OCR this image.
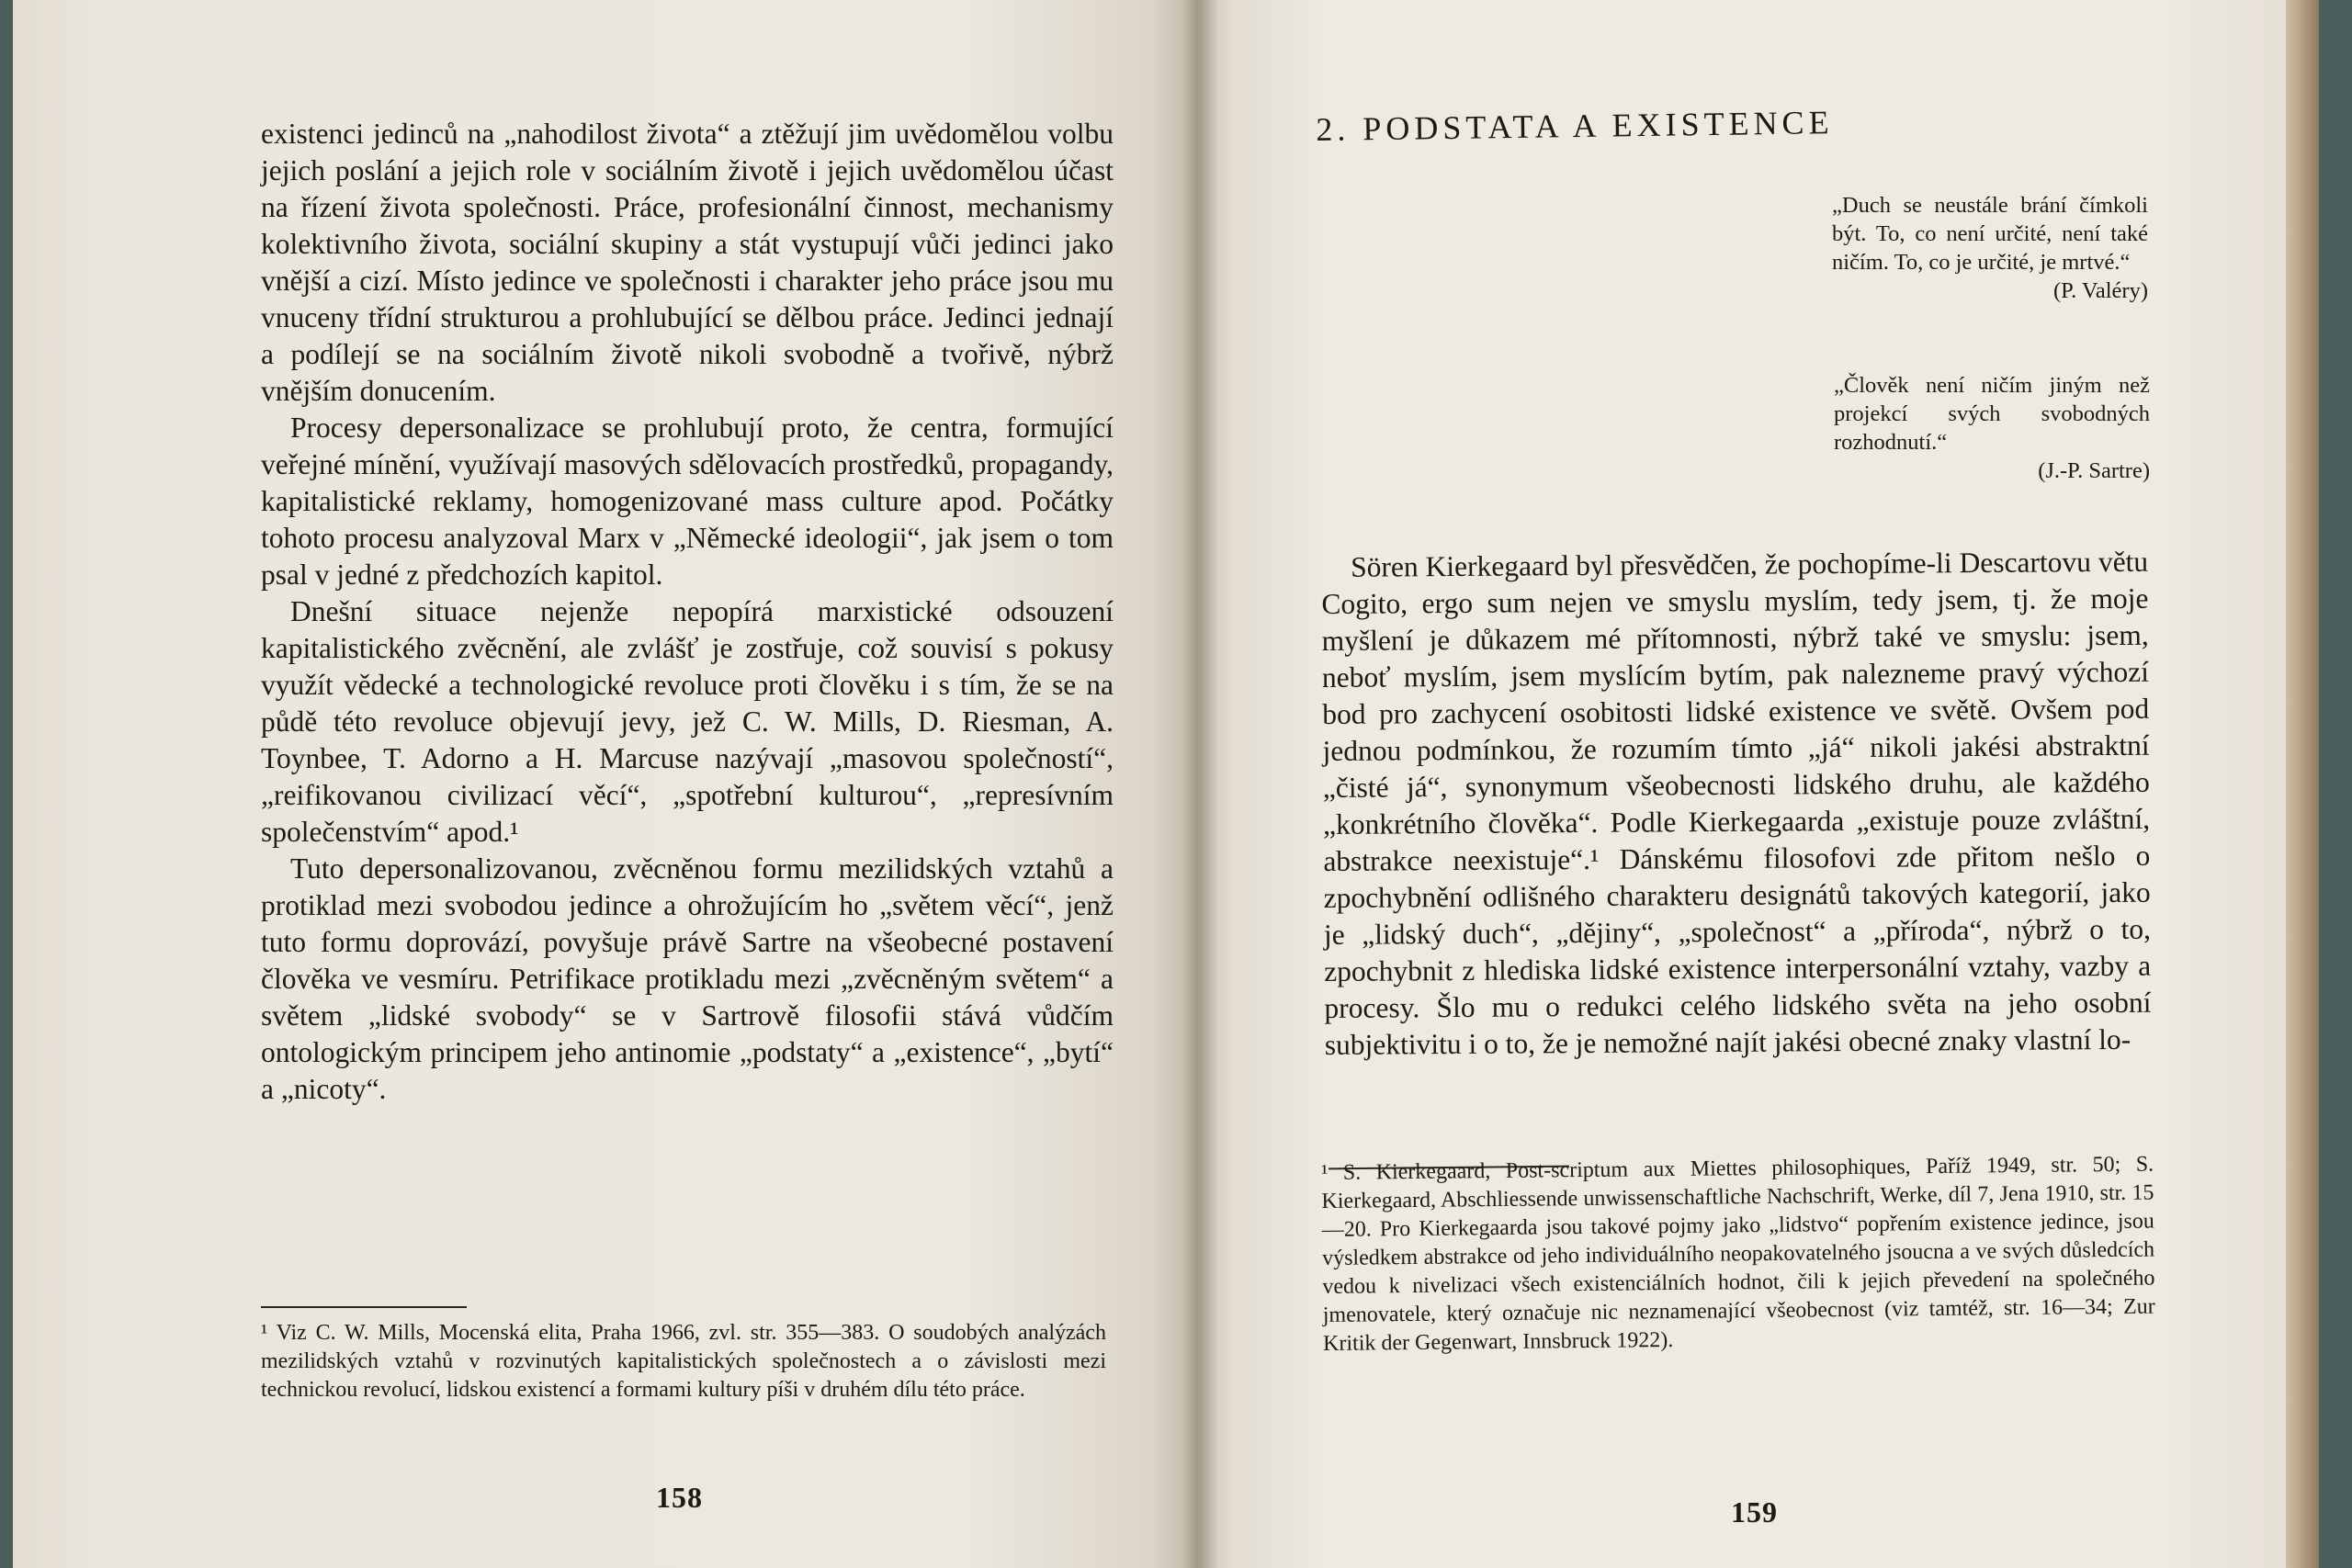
existenci jedinců na „nahodilost života“ a ztěžují jim uvědomělou volbu jejich poslání a jejich role v sociálním životě i jejich uvědomělou účast na řízení života společnosti. Práce, profesionální činnost, mechanismy kolektivního života, sociální skupiny a stát vystupují vůči jedinci jako vnější a cizí. Místo jedince ve společnosti i charakter jeho práce jsou mu vnuceny třídní strukturou a prohlubující se dělbou práce. Jedinci jednají a podílejí se na sociálním životě nikoli svobodně a tvořivě, nýbrž vnějším donucením.

Procesy depersonalizace se prohlubují proto, že centra, formující veřejné mínění, využívají masových sdělovacích prostředků, propagandy, kapitalistické reklamy, homogenizované mass culture apod. Počátky tohoto procesu analyzoval Marx v „Německé ideologii“, jak jsem o tom psal v jedné z předchozích kapitol.

Dnešní situace nejenže nepopírá marxistické odsouzení kapitalistického zvěcnění, ale zvlášť je zostřuje, což souvisí s pokusy využít vědecké a technologické revoluce proti člověku i s tím, že se na půdě této revoluce objevují jevy, jež C. W. Mills, D. Riesman, A. Toynbee, T. Adorno a H. Marcuse nazývají „masovou společností“, „reifikovanou civilizací věcí“, „spotřební kulturou“, „represívním společenstvím“ apod.¹

Tuto depersonalizovanou, zvěcněnou formu mezilidských vztahů a protiklad mezi svobodou jedince a ohrožujícím ho „světem věcí“, jenž tuto formu doprovází, povyšuje právě Sartre na všeobecné postavení člověka ve vesmíru. Petrifikace protikladu mezi „zvěcněným světem“ a světem „lidské svobody“ se v Sartrově filosofii stává vůdčím ontologickým principem jeho antinomie „podstaty“ a „existence“, „bytí“ a „nicoty“.

¹ Viz C. W. Mills, Mocenská elita, Praha 1966, zvl. str. 355—383. O soudobých analýzách mezilidských vztahů v rozvinutých kapitalistických společnostech a o závislosti mezi technickou revolucí, lidskou existencí a formami kultury píši v druhém dílu této práce.

158
2. PODSTATA A EXISTENCE
„Duch se neustále brání čímkoli být. To, co není určité, není také ničím. To, co je určité, je mrtvé.“
(P. Valéry)
„Člověk není ničím jiným než projekcí svých svobodných rozhodnutí.“
(J.-P. Sartre)

Sören Kierkegaard byl přesvědčen, že pochopíme-li Descartovu větu Cogito, ergo sum nejen ve smyslu myslím, tedy jsem, tj. že moje myšlení je důkazem mé přítomnosti, nýbrž také ve smyslu: jsem, neboť myslím, jsem myslícím bytím, pak nalezneme pravý výchozí bod pro zachycení osobitosti lidské existence ve světě. Ovšem pod jednou podmínkou, že rozumím tímto „já“ nikoli jakési abstraktní „čisté já“, synonymum všeobecnosti lidského druhu, ale každého „konkrétního člověka“. Podle Kierkegaarda „existuje pouze zvláštní, abstrakce neexistuje“.¹ Dánskému filosofovi zde přitom nešlo o zpochybnění odlišného charakteru designátů takových kategorií, jako je „lidský duch“, „dějiny“, „společnost“ a „příroda“, nýbrž o to, zpochybnit z hlediska lidské existence interpersonální vztahy, vazby a procesy. Šlo mu o redukci celého lidského světa na jeho osobní subjektivitu i o to, že je nemožné najít jakési obecné znaky vlastní lo-

¹ S. Kierkegaard, Post-scriptum aux Miettes philosophiques, Paříž 1949, str. 50; S. Kierkegaard, Abschliessende unwissenschaftliche Nachschrift, Werke, díl 7, Jena 1910, str. 15—20. Pro Kierkegaarda jsou takové pojmy jako „lidstvo“ popřením existence jedince, jsou výsledkem abstrakce od jeho individuálního neopakovatelného jsoucna a ve svých důsledcích vedou k nivelizaci všech existenciálních hodnot, čili k jejich převedení na společného jmenovatele, který označuje nic neznamenající všeobecnost (viz tamtéž, str. 16—34; Zur Kritik der Gegenwart, Innsbruck 1922).

159
